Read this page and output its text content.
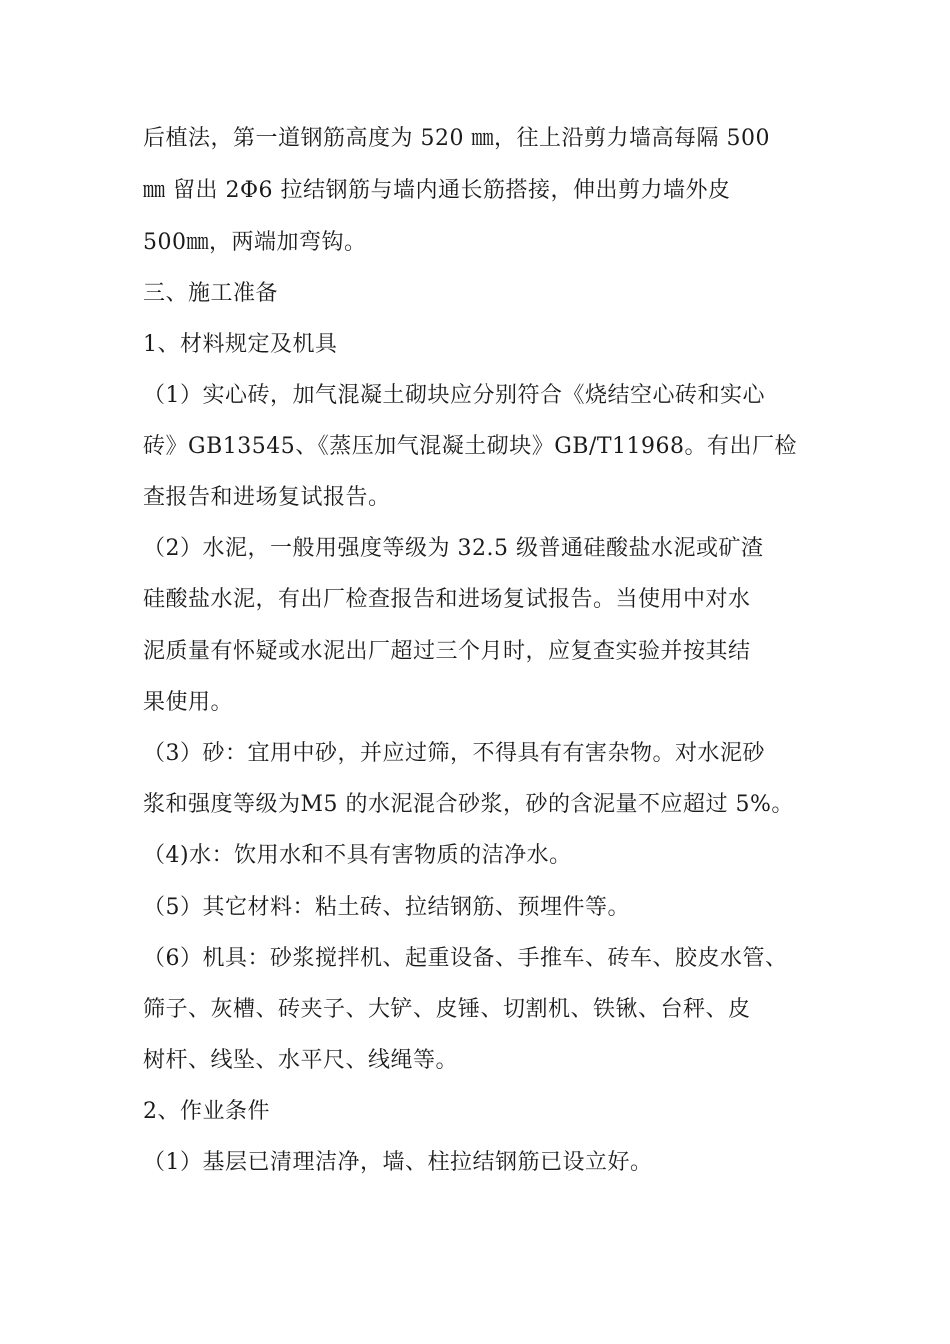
后植法，第一道钢筋高度为 520 ㎜，往上沿剪力墙高每隔 500
㎜ 留出 2Φ6 拉结钢筋与墙内通长筋搭接，伸出剪力墙外皮
500㎜，两端加弯钩。
三、施工准备
1、材料规定及机具
（1）实心砖，加气混凝土砌块应分别符合《烧结空心砖和实心
砖》GB13545、《蒸压加气混凝土砌块》GB/T11968。有出厂检
查报告和进场复试报告。
（2）水泥，一般用强度等级为 32.5 级普通硅酸盐水泥或矿渣
硅酸盐水泥，有出厂检查报告和进场复试报告。当使用中对水
泥质量有怀疑或水泥出厂超过三个月时，应复查实验并按其结
果使用。
（3）砂：宜用中砂，并应过筛，不得具有有害杂物。对水泥砂
浆和强度等级为M5 的水泥混合砂浆，砂的含泥量不应超过 5%。
（4)水：饮用水和不具有害物质的洁净水。
（5）其它材料：粘土砖、拉结钢筋、预埋件等。
（6）机具：砂浆搅拌机、起重设备、手推车、砖车、胶皮水管、
筛子、灰槽、砖夹子、大铲、皮锤、切割机、铁锹、台秤、皮
树杆、线坠、水平尺、线绳等。
2、作业条件
（1）基层已清理洁净，墙、柱拉结钢筋已设立好。
